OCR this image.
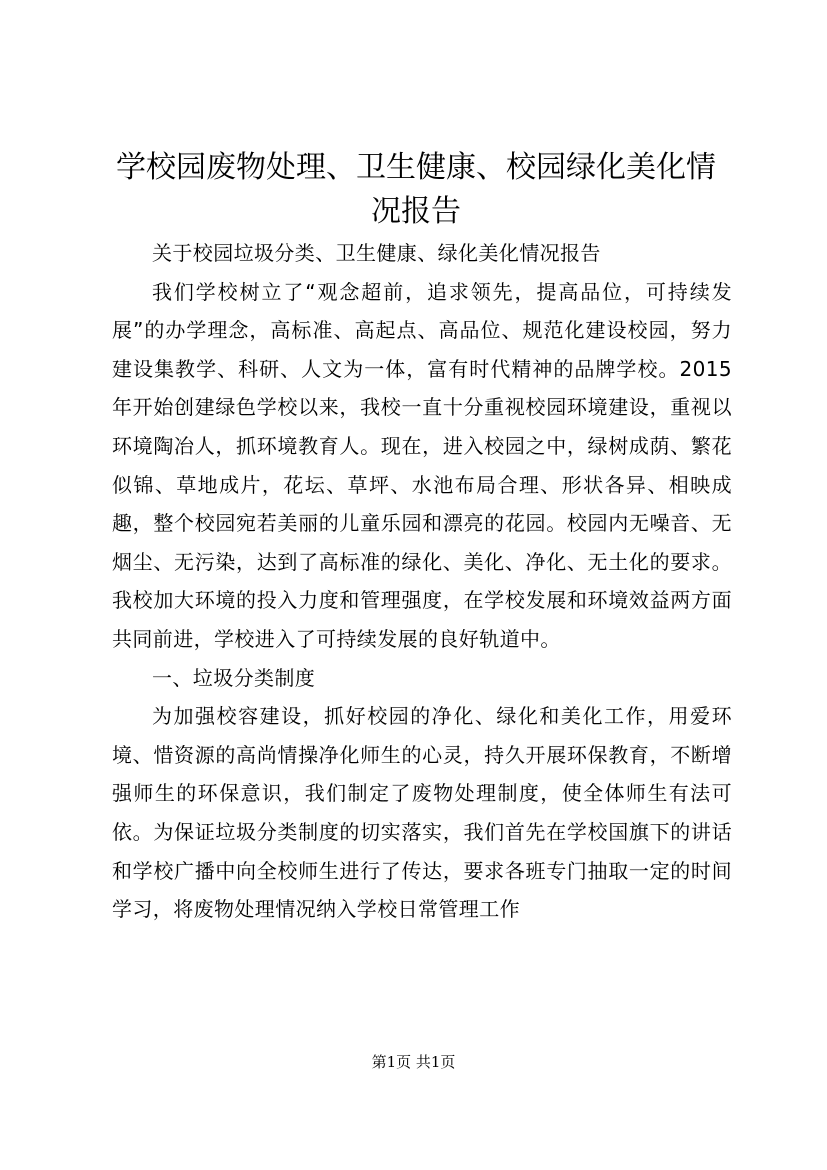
学校园废物处理、卫生健康、校园绿化美化情况报告

关于校园垃圾分类、卫生健康、绿化美化情况报告

我们学校树立了“观念超前，追求领先，提高品位，可持续发展”的办学理念，高标准、高起点、高品位、规范化建设校园，努力建设集教学、科研、人文为一体，富有时代精神的品牌学校。2015年开始创建绿色学校以来，我校一直十分重视校园环境建设，重视以环境陶冶人，抓环境教育人。现在，进入校园之中，绿树成荫、繁花似锦、草地成片，花坛、草坪、水池布局合理、形状各异、相映成趣，整个校园宛若美丽的儿童乐园和漂亮的花园。校园内无噪音、无烟尘、无污染，达到了高标准的绿化、美化、净化、无土化的要求。我校加大环境的投入力度和管理强度，在学校发展和环境效益两方面共同前进，学校进入了可持续发展的良好轨道中。

一、垃圾分类制度

为加强校容建设，抓好校园的净化、绿化和美化工作，用爱环境、惜资源的高尚情操净化师生的心灵，持久开展环保教育，不断增强师生的环保意识，我们制定了废物处理制度，使全体师生有法可依。为保证垃圾分类制度的切实落实，我们首先在学校国旗下的讲话和学校广播中向全校师生进行了传达，要求各班专门抽取一定的时间学习，将废物处理情况纳入学校日常管理工作

第1页 共1页
